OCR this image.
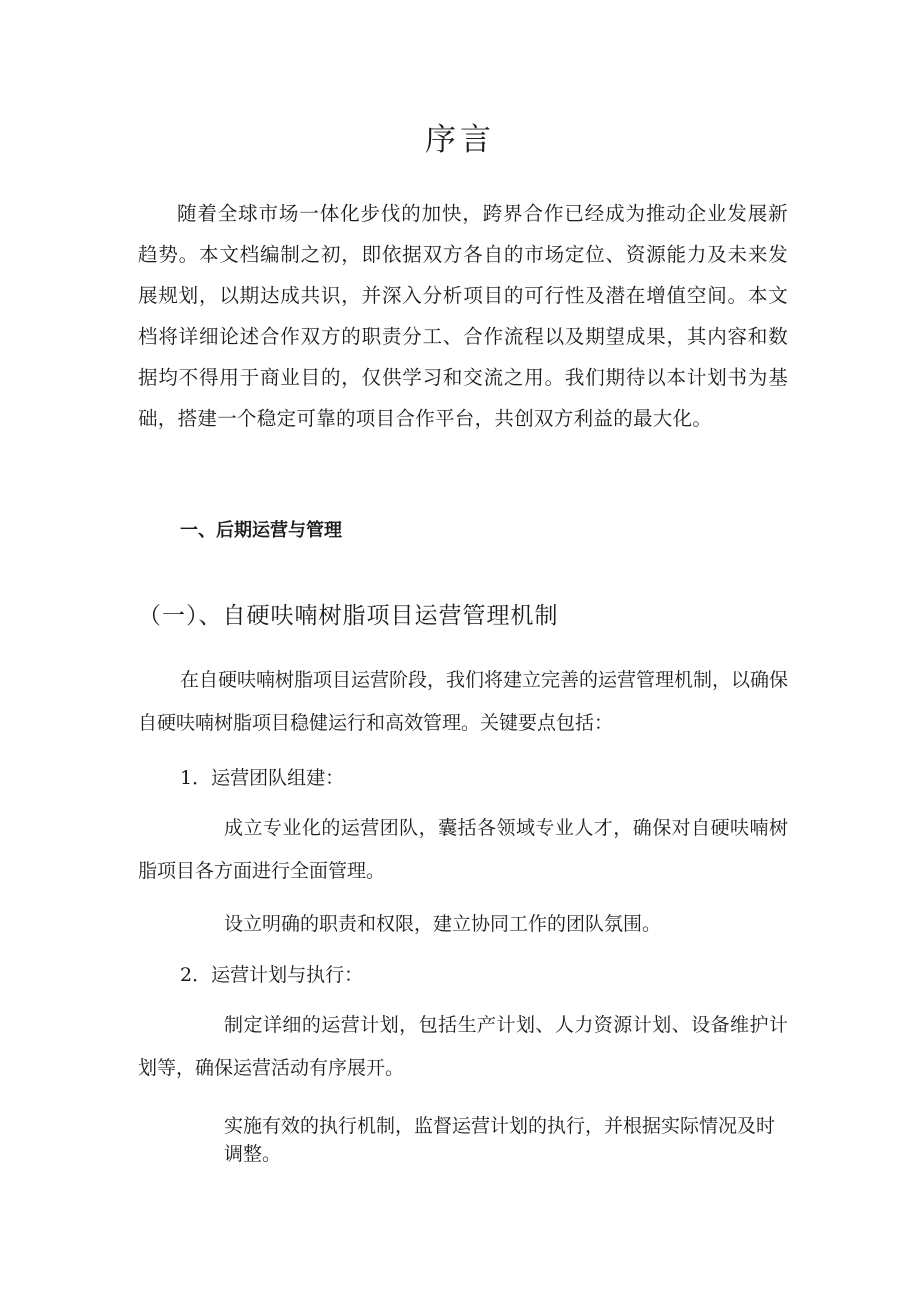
序言

随着全球市场一体化步伐的加快，跨界合作已经成为推动企业发展新趋势。本文档编制之初，即依据双方各自的市场定位、资源能力及未来发展规划，以期达成共识，并深入分析项目的可行性及潜在增值空间。本文档将详细论述合作双方的职责分工、合作流程以及期望成果，其内容和数据均不得用于商业目的，仅供学习和交流之用。我们期待以本计划书为基础，搭建一个稳定可靠的项目合作平台，共创双方利益的最大化。

一、后期运营与管理
（一）、自硬呋喃树脂项目运营管理机制

在自硬呋喃树脂项目运营阶段，我们将建立完善的运营管理机制，以确保自硬呋喃树脂项目稳健运行和高效管理。关键要点包括：

1．运营团队组建：

成立专业化的运营团队，囊括各领域专业人才，确保对自硬呋喃树脂项目各方面进行全面管理。

设立明确的职责和权限，建立协同工作的团队氛围。

2．运营计划与执行：

制定详细的运营计划，包括生产计划、人力资源计划、设备维护计划等，确保运营活动有序展开。

实施有效的执行机制，监督运营计划的执行，并根据实际情况及时调整。
